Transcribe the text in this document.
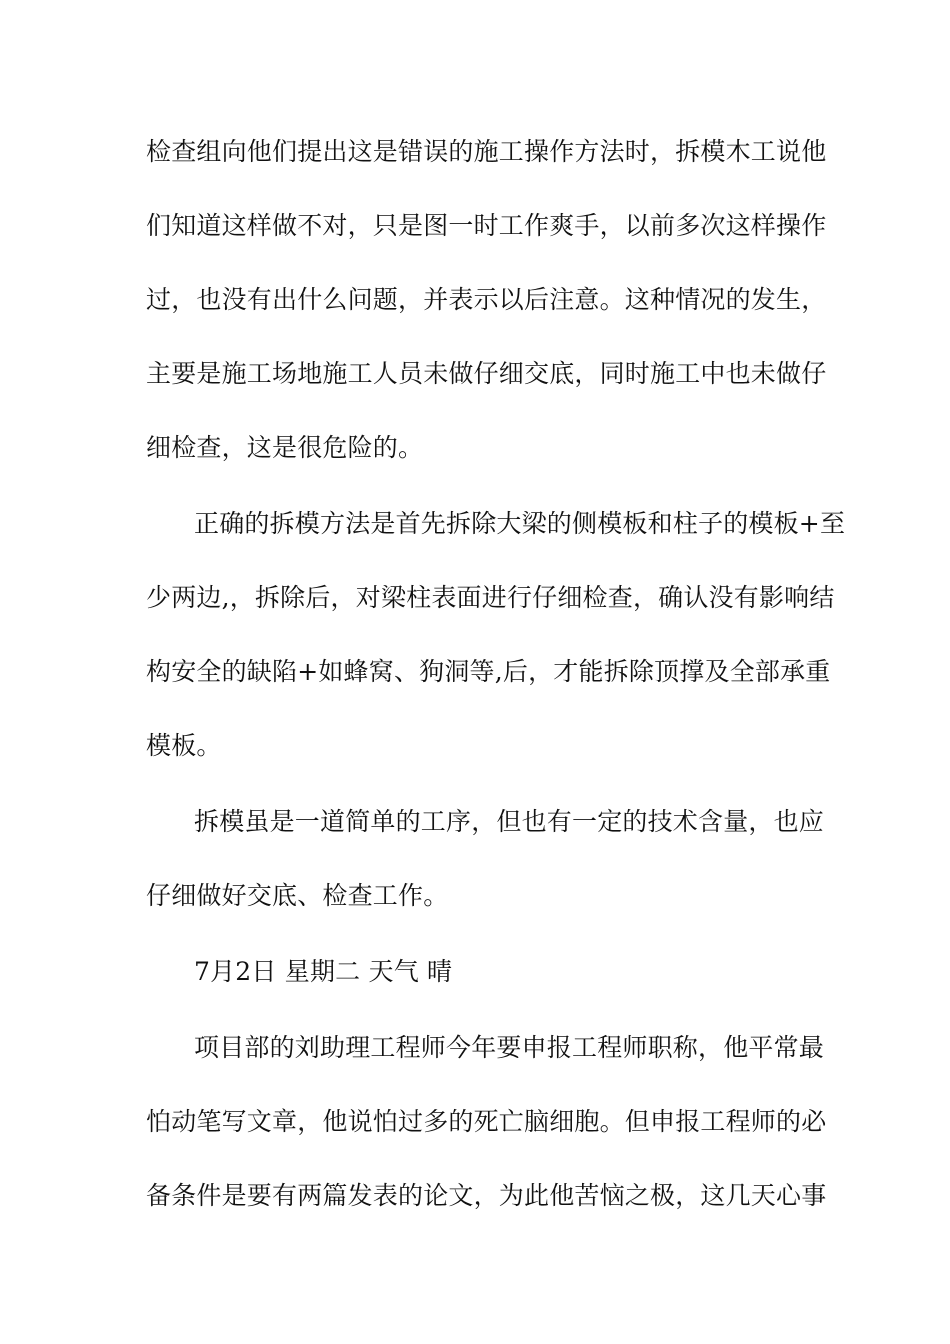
检查组向他们提出这是错误的施工操作方法时，拆模木工说他
们知道这样做不对，只是图一时工作爽手，以前多次这样操作
过，也没有出什么问题，并表示以后注意。这种情况的发生，
主要是施工场地施工人员未做仔细交底，同时施工中也未做仔
细检查，这是很危险的。
正确的拆模方法是首先拆除大梁的侧模板和柱子的模板+至
少两边,，拆除后，对梁柱表面进行仔细检查，确认没有影响结
构安全的缺陷+如蜂窝、狗洞等,后，才能拆除顶撑及全部承重
模板。
拆模虽是一道简单的工序，但也有一定的技术含量，也应
仔细做好交底、检查工作。
7月2日 星期二 天气 晴
项目部的刘助理工程师今年要申报工程师职称，他平常最
怕动笔写文章，他说怕过多的死亡脑细胞。但申报工程师的必
备条件是要有两篇发表的论文，为此他苦恼之极，这几天心事
